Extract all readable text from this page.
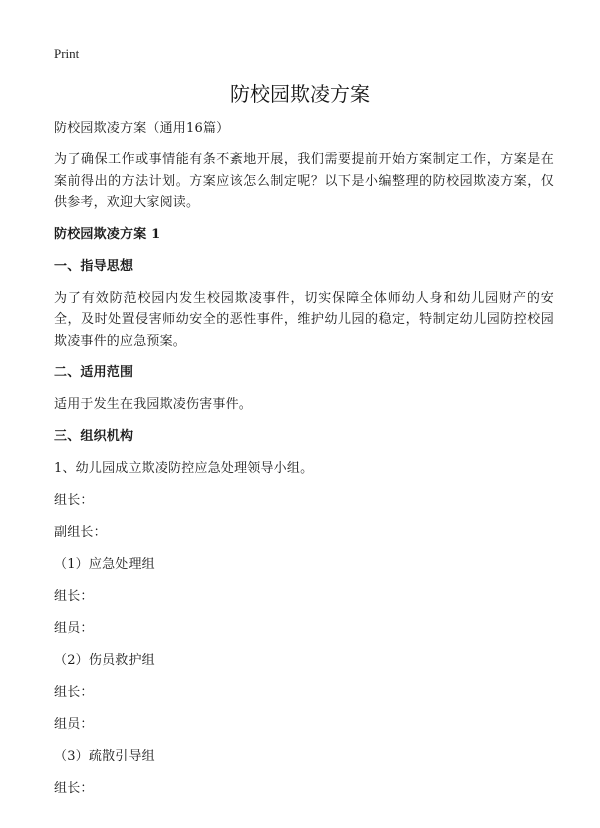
Print
防校园欺凌方案

防校园欺凌方案（通用16篇）

为了确保工作或事情能有条不紊地开展，我们需要提前开始方案制定工作，方案是在案前得出的方法计划。方案应该怎么制定呢？以下是小编整理的防校园欺凌方案，仅供参考，欢迎大家阅读。

防校园欺凌方案 1

一、指导思想

为了有效防范校园内发生校园欺凌事件，切实保障全体师幼人身和幼儿园财产的安全，及时处置侵害师幼安全的恶性事件，维护幼儿园的稳定，特制定幼儿园防控校园欺凌事件的应急预案。

二、适用范围

适用于发生在我园欺凌伤害事件。

三、组织机构

1、幼儿园成立欺凌防控应急处理领导小组。

组长：

副组长：

（1）应急处理组

组长：

组员：

（2）伤员救护组

组长：

组员：

（3）疏散引导组

组长：
